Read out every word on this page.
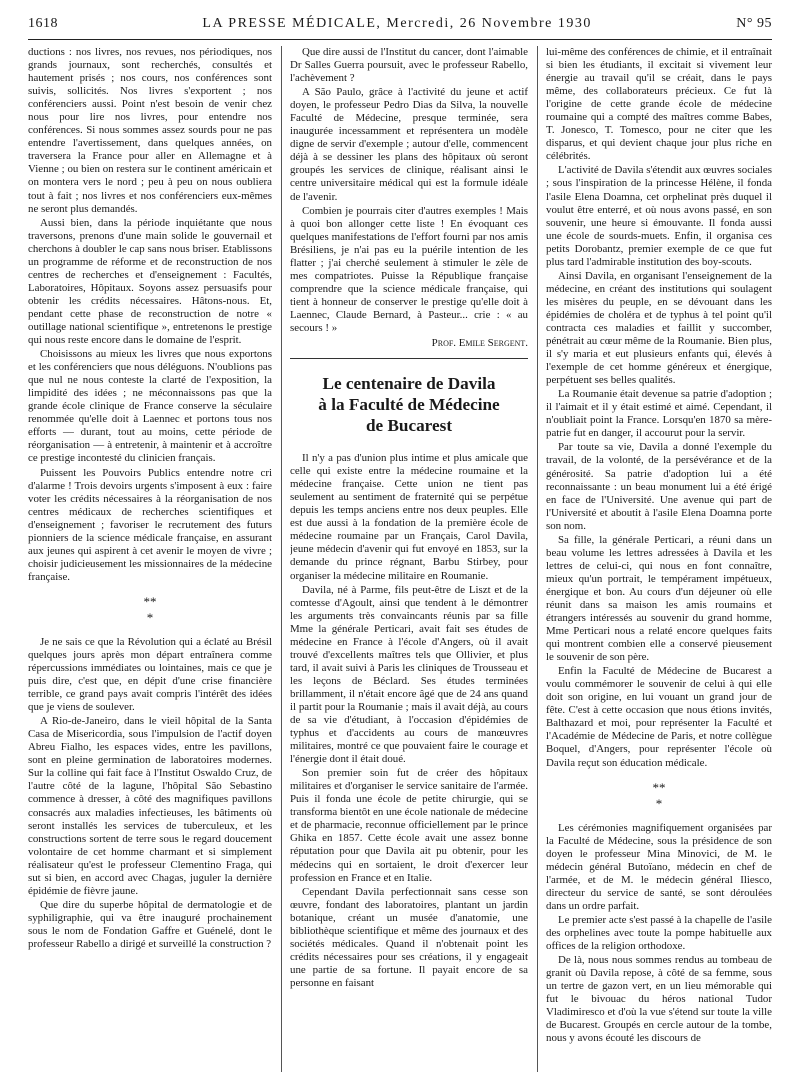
1618	LA PRESSE MÉDICALE, Mercredi, 26 Novembre 1930	N° 95

ductions : nos livres, nos revues, nos périodiques, nos grands journaux, sont recherchés, consultés et hautement prisés ; nos cours, nos conférences sont suivis, sollicités. Nos livres s'exportent ; nos conférenciers aussi. Point n'est besoin de venir chez nous pour lire nos livres, pour entendre nos conférences. Si nous sommes assez sourds pour ne pas entendre l'avertissement, dans quelques années, on traversera la France pour aller en Allemagne et à Vienne ; ou bien on restera sur le continent américain et on montera vers le nord ; peu à peu on nous oubliera tout à fait ; nos livres et nos conférenciers eux-mêmes ne seront plus demandés.

Aussi bien, dans la période inquiétante que nous traversons, prenons d'une main solide le gouvernail et cherchons à doubler le cap sans nous briser. Etablissons un programme de réforme et de reconstruction de nos centres de recherches et d'enseignement : Facultés, Laboratoires, Hôpitaux. Soyons assez persuasifs pour obtenir les crédits nécessaires. Hâtons-nous. Et, pendant cette phase de reconstruction de notre « outillage national scientifique », entretenons le prestige qui nous reste encore dans le domaine de l'esprit.

Choisissons au mieux les livres que nous exportons et les conférenciers que nous déléguons. N'oublions pas que nul ne nous conteste la clarté de l'exposition, la limpidité des idées ; ne méconnaissons pas que la grande école clinique de France conserve la séculaire renommée qu'elle doit à Laennec et portons tous nos efforts — durant, tout au moins, cette période de réorganisation — à entretenir, à maintenir et à accroître ce prestige incontesté du clinicien français.

Puissent les Pouvoirs Publics entendre notre cri d'alarme ! Trois devoirs urgents s'imposent à eux : faire voter les crédits nécessaires à la réorganisation de nos centres médicaux de recherches scientifiques et d'enseignement ; favoriser le recrutement des futurs pionniers de la science médicale française, en assurant aux jeunes qui aspirent à cet avenir le moyen de vivre ; choisir judicieusement les missionnaires de la médecine française.

**
*

Je ne sais ce que la Révolution qui a éclaté au Brésil quelques jours après mon départ entraînera comme répercussions immédiates ou lointaines, mais ce que je puis dire, c'est que, en dépit d'une crise financière terrible, ce grand pays avait compris l'intérêt des idées que je viens de soulever.

A Rio-de-Janeiro, dans le vieil hôpital de la Santa Casa de Misericordia, sous l'impulsion de l'actif doyen Abreu Fialho, les espaces vides, entre les pavillons, sont en pleine germination de laboratoires modernes. Sur la colline qui fait face à l'Institut Oswaldo Cruz, de l'autre côté de la lagune, l'hôpital São Sebastino commence à dresser, à côté des magnifiques pavillons consacrés aux maladies infectieuses, les bâtiments où seront installés les services de tuberculeux, et les constructions sortent de terre sous le regard doucement volontaire de cet homme charmant et si simplement réalisateur qu'est le professeur Clementino Fraga, qui sut si bien, en accord avec Chagas, juguler la dernière épidémie de fièvre jaune.

Que dire du superbe hôpital de dermatologie et de syphiligraphie, qui va être inauguré prochainement sous le nom de Fondation Gaffre et Guénelé, dont le professeur Rabello a dirigé et surveillé la construction ?

Que dire aussi de l'Institut du cancer, dont l'aimable Dr Salles Guerra poursuit, avec le professeur Rabello, l'achèvement ?

A São Paulo, grâce à l'activité du jeune et actif doyen, le professeur Pedro Dias da Silva, la nouvelle Faculté de Médecine, presque terminée, sera inaugurée incessamment et représentera un modèle digne de servir d'exemple ; autour d'elle, commencent déjà à se dessiner les plans des hôpitaux où seront groupés les services de clinique, réalisant ainsi le centre universitaire médical qui est la formule idéale de l'avenir.

Combien je pourrais citer d'autres exemples ! Mais à quoi bon allonger cette liste ! En évoquant ces quelques manifestations de l'effort fourni par nos amis Brésiliens, je n'ai pas eu la puérile intention de les flatter ; j'ai cherché seulement à stimuler le zèle de mes compatriotes. Puisse la République française comprendre que la science médicale française, qui tient à honneur de conserver le prestige qu'elle doit à Laennec, Claude Bernard, à Pasteur... crie : « au secours ! »

Prof. Emile Sergent.

Le centenaire de Davila
à la Faculté de Médecine
de Bucarest

Il n'y a pas d'union plus intime et plus amicale que celle qui existe entre la médecine roumaine et la médecine française. Cette union ne tient pas seulement au sentiment de fraternité qui se perpétue depuis les temps anciens entre nos deux peuples. Elle est due aussi à la fondation de la première école de médecine roumaine par un Français, Carol Davila, jeune médecin d'avenir qui fut envoyé en 1853, sur la demande du prince régnant, Barbu Stirbey, pour organiser la médecine militaire en Roumanie.

Davila, né à Parme, fils peut-être de Liszt et de la comtesse d'Agoult, ainsi que tendent à le démontrer les arguments très convaincants réunis par sa fille Mme la générale Perticari, avait fait ses études de médecine en France à l'école d'Angers, où il avait trouvé d'excellents maîtres tels que Ollivier, et plus tard, il avait suivi à Paris les cliniques de Trousseau et les leçons de Béclard. Ses études terminées brillamment, il n'était encore âgé que de 24 ans quand il partit pour la Roumanie ; mais il avait déjà, au cours de sa vie d'étudiant, à l'occasion d'épidémies de typhus et d'accidents au cours de manœuvres militaires, montré ce que pouvaient faire le courage et l'énergie dont il était doué.

Son premier soin fut de créer des hôpitaux militaires et d'organiser le service sanitaire de l'armée. Puis il fonda une école de petite chirurgie, qui se transforma bientôt en une école nationale de médecine et de pharmacie, reconnue officiellement par le prince Ghika en 1857. Cette école avait une assez bonne réputation pour que Davila ait pu obtenir, pour les médecins qui en sortaient, le droit d'exercer leur profession en France et en Italie.

Cependant Davila perfectionnait sans cesse son œuvre, fondant des laboratoires, plantant un jardin botanique, créant un musée d'anatomie, une bibliothèque scientifique et même des journaux et des sociétés médicales. Quand il n'obtenait point les crédits nécessaires pour ses créations, il y engageait une partie de sa fortune. Il payait encore de sa personne en faisant

lui-même des conférences de chimie, et il entraînait si bien les étudiants, il excitait si vivement leur énergie au travail qu'il se créait, dans le pays même, des collaborateurs précieux. Ce fut là l'origine de cette grande école de médecine roumaine qui a compté des maîtres comme Babes, T. Jonesco, T. Tomesco, pour ne citer que les disparus, et qui devient chaque jour plus riche en célébrités.

L'activité de Davila s'étendit aux œuvres sociales ; sous l'inspiration de la princesse Hélène, il fonda l'asile Elena Doamna, cet orphelinat près duquel il voulut être enterré, et où nous avons passé, en son souvenir, une heure si émouvante. Il fonda aussi une école de sourds-muets. Enfin, il organisa ces petits Dorobantz, premier exemple de ce que fut plus tard l'admirable institution des boy-scouts.

Ainsi Davila, en organisant l'enseignement de la médecine, en créant des institutions qui soulagent les misères du peuple, en se dévouant dans les épidémies de choléra et de typhus à tel point qu'il contracta ces maladies et faillit y succomber, pénétrait au cœur même de la Roumanie. Bien plus, il s'y maria et eut plusieurs enfants qui, élevés à l'exemple de cet homme généreux et énergique, perpétuent ses belles qualités.

La Roumanie était devenue sa patrie d'adoption ; il l'aimait et il y était estimé et aimé. Cependant, il n'oubliait point la France. Lorsqu'en 1870 sa mère-patrie fut en danger, il accourut pour la servir.

Par toute sa vie, Davila a donné l'exemple du travail, de la volonté, de la persévérance et de la générosité. Sa patrie d'adoption lui a été reconnaissante : un beau monument lui a été érigé en face de l'Université. Une avenue qui part de l'Université et aboutit à l'asile Elena Doamna porte son nom.

Sa fille, la générale Perticari, a réuni dans un beau volume les lettres adressées à Davila et les lettres de celui-ci, qui nous en font connaître, mieux qu'un portrait, le tempérament impétueux, énergique et bon. Au cours d'un déjeuner où elle réunit dans sa maison les amis roumains et étrangers intéressés au souvenir du grand homme, Mme Perticari nous a relaté encore quelques faits qui montrent combien elle a conservé pieusement le souvenir de son père.

Enfin la Faculté de Médecine de Bucarest a voulu commémorer le souvenir de celui à qui elle doit son origine, en lui vouant un grand jour de fête. C'est à cette occasion que nous étions invités, Balthazard et moi, pour représenter la Faculté et l'Académie de Médecine de Paris, et notre collègue Boquel, d'Angers, pour représenter l'école où Davila reçut son éducation médicale.

**
*

Les cérémonies magnifiquement organisées par la Faculté de Médecine, sous la présidence de son doyen le professeur Mina Minovici, de M. le médecin général Butoïano, médecin en chef de l'armée, et de M. le médecin général Iliesco, directeur du service de santé, se sont déroulées dans un ordre parfait.

Le premier acte s'est passé à la chapelle de l'asile des orphelines avec toute la pompe habituelle aux offices de la religion orthodoxe.

De là, nous nous sommes rendus au tombeau de granit où Davila repose, à côté de sa femme, sous un tertre de gazon vert, en un lieu mémorable qui fut le bivouac du héros national Tudor Vladimiresco et d'où la vue s'étend sur toute la ville de Bucarest. Groupés en cercle autour de la tombe, nous y avons écouté les discours de
